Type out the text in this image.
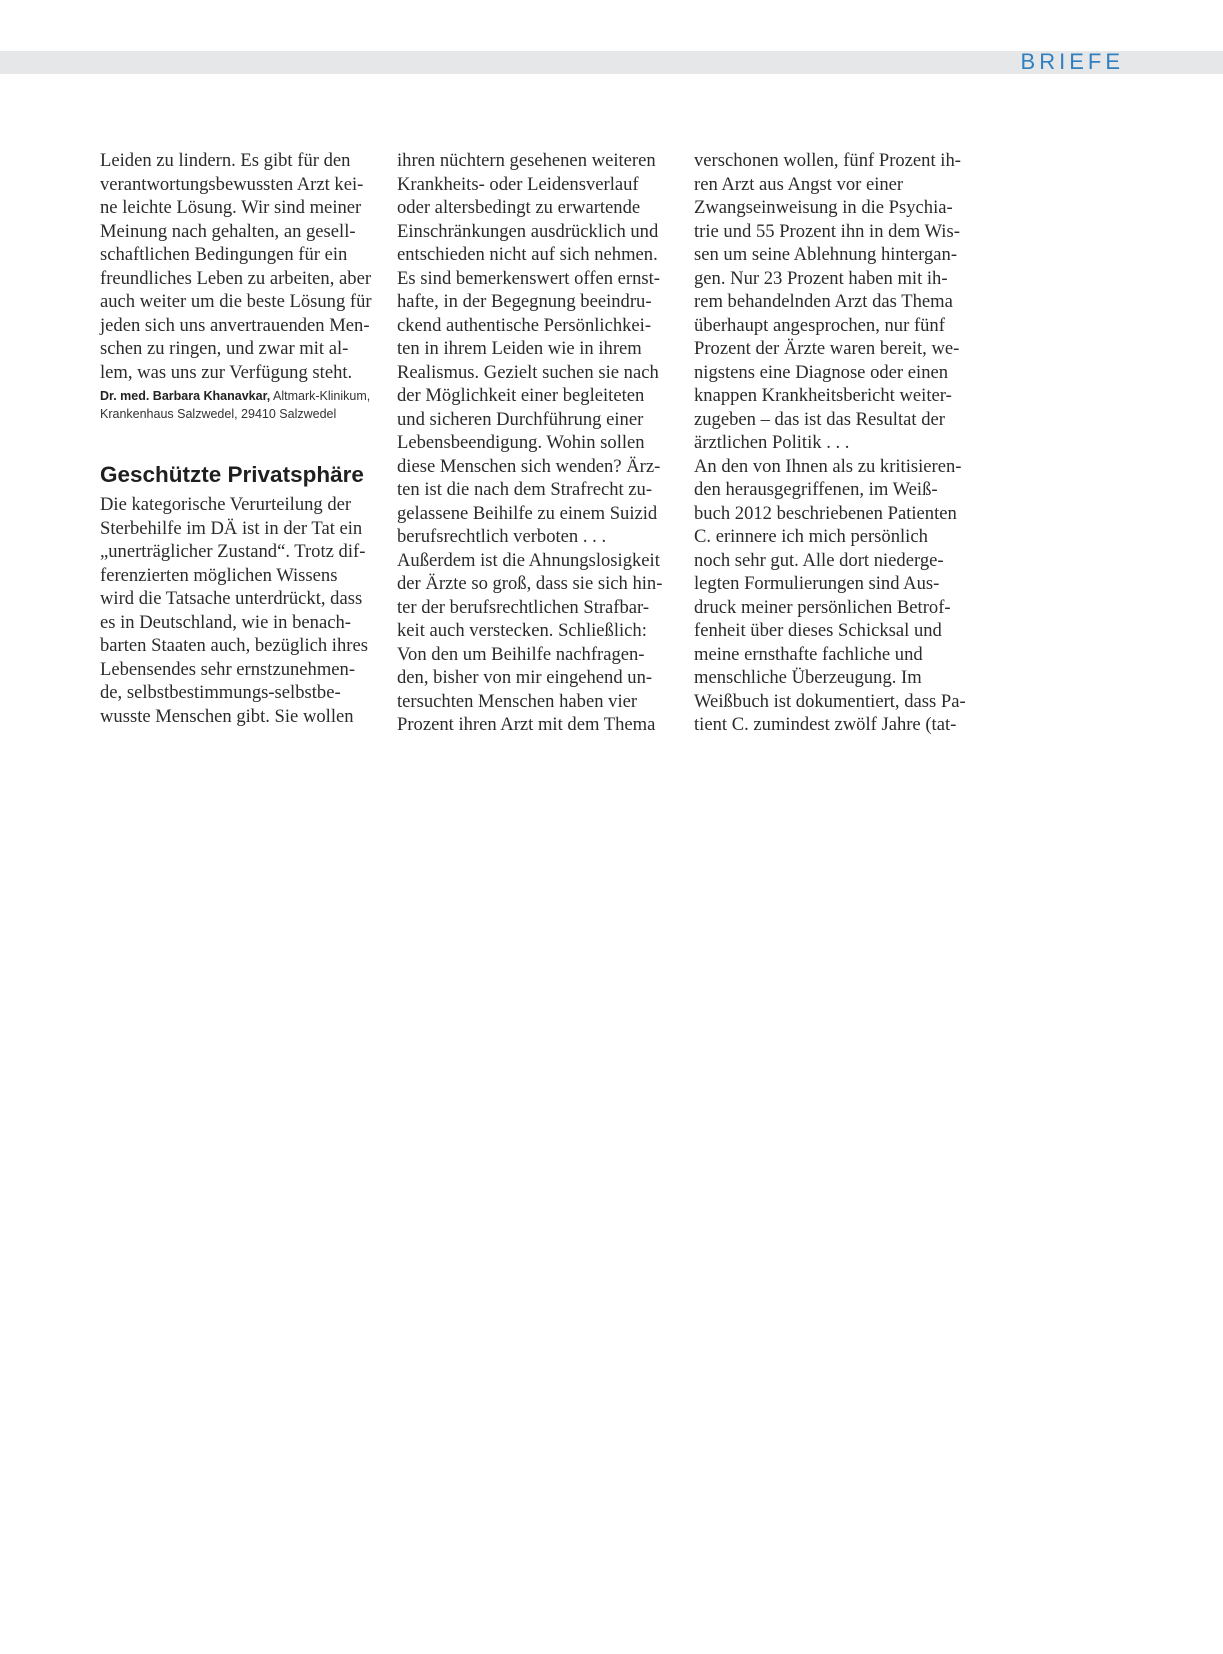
BRIEFE
Leiden zu lindern. Es gibt für den
verantwortungsbewussten Arzt kei-
ne leichte Lösung. Wir sind meiner
Meinung nach gehalten, an gesell-
schaftlichen Bedingungen für ein
freundliches Leben zu arbeiten, aber
auch weiter um die beste Lösung für
jeden sich uns anvertrauenden Men-
schen zu ringen, und zwar mit al-
lem, was uns zur Verfügung steht.
Dr. med. Barbara Khanavkar, Altmark-Klinikum,
Krankenhaus Salzwedel, 29410 Salzwedel
Geschützte Privatsphäre
Die kategorische Verurteilung der
Sterbehilfe im DÄ ist in der Tat ein
„unerträglicher Zustand“. Trotz dif-
ferenzierten möglichen Wissens
wird die Tatsache unterdrückt, dass
es in Deutschland, wie in benach-
barten Staaten auch, bezüglich ihres
Lebensendes sehr ernstzunehmen-
de, selbstbestimmungs-selbstbe-
wusste Menschen gibt. Sie wollen
ihren nüchtern gesehenen weiteren
Krankheits- oder Leidensverlauf
oder altersbedingt zu erwartende
Einschränkungen ausdrücklich und
entschieden nicht auf sich nehmen.
Es sind bemerkenswert offen ernst-
hafte, in der Begegnung beeindru-
ckend authentische Persönlichkei-
ten in ihrem Leiden wie in ihrem
Realismus. Gezielt suchen sie nach
der Möglichkeit einer begleiteten
und sicheren Durchführung einer
Lebensbeendigung. Wohin sollen
diese Menschen sich wenden? Ärz-
ten ist die nach dem Strafrecht zu-
gelassene Beihilfe zu einem Suizid
berufsrechtlich verboten . . .
Außerdem ist die Ahnungslosigkeit
der Ärzte so groß, dass sie sich hin-
ter der berufsrechtlichen Strafbar-
keit auch verstecken. Schließlich:
Von den um Beihilfe nachfragen-
den, bisher von mir eingehend un-
tersuchten Menschen haben vier
Prozent ihren Arzt mit dem Thema
verschonen wollen, fünf Prozent ih-
ren Arzt aus Angst vor einer
Zwangseinweisung in die Psychia-
trie und 55 Prozent ihn in dem Wis-
sen um seine Ablehnung hintergan-
gen. Nur 23 Prozent haben mit ih-
rem behandelnden Arzt das Thema
überhaupt angesprochen, nur fünf
Prozent der Ärzte waren bereit, we-
nigstens eine Diagnose oder einen
knappen Krankheitsbericht weiter-
zugeben – das ist das Resultat der
ärztlichen Politik . . .
An den von Ihnen als zu kritisieren-
den herausgegriffenen, im Weiß-
buch 2012 beschriebenen Patienten
C. erinnere ich mich persönlich
noch sehr gut. Alle dort niederge-
legten Formulierungen sind Aus-
druck meiner persönlichen Betrof-
fenheit über dieses Schicksal und
meine ernsthafte fachliche und
menschliche Überzeugung. Im
Weißbuch ist dokumentiert, dass Pa-
tient C. zumindest zwölf Jahre (tat-
